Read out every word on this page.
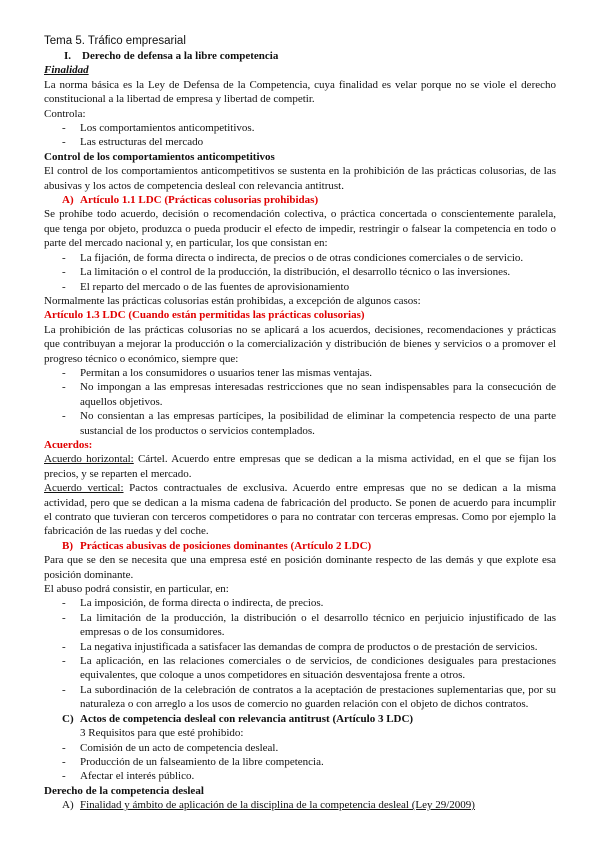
Tema 5. Tráfico empresarial

I. Derecho de defensa a la libre competencia

Finalidad

La norma básica es la Ley de Defensa de la Competencia, cuya finalidad es velar porque no se viole el derecho constitucional a la libertad de empresa y libertad de competir.

Controla:

- Los comportamientos anticompetitivos.

- Las estructuras del mercado

Control de los comportamientos anticompetitivos

El control de los comportamientos anticompetitivos se sustenta en la prohibición de las prácticas colusorias, de las abusivas y los actos de competencia desleal con relevancia antitrust.

A) Artículo 1.1 LDC (Prácticas colusorias prohibidas)

Se prohíbe todo acuerdo, decisión o recomendación colectiva, o práctica concertada o conscientemente paralela, que tenga por objeto, produzca o pueda producir el efecto de impedir, restringir o falsear la competencia en todo o parte del mercado nacional y, en particular, los que consistan en:

- La fijación, de forma directa o indirecta, de precios o de otras condiciones comerciales o de servicio.

- La limitación o el control de la producción, la distribución, el desarrollo técnico o las inversiones.

- El reparto del mercado o de las fuentes de aprovisionamiento

Normalmente las prácticas colusorias están prohibidas, a excepción de algunos casos:

Artículo 1.3 LDC (Cuando están permitidas las prácticas colusorias)

La prohibición de las prácticas colusorias no se aplicará a los acuerdos, decisiones, recomendaciones y prácticas que contribuyan a mejorar la producción o la comercialización y distribución de bienes y servicios o a promover el progreso técnico o económico, siempre que:

- Permitan a los consumidores o usuarios tener las mismas ventajas.

- No impongan a las empresas interesadas restricciones que no sean indispensables para la consecución de aquellos objetivos.

- No consientan a las empresas partícipes, la posibilidad de eliminar la competencia respecto de una parte sustancial de los productos o servicios contemplados.

Acuerdos:

Acuerdo horizontal: Cártel. Acuerdo entre empresas que se dedican a la misma actividad, en el que se fijan los precios, y se reparten el mercado.

Acuerdo vertical: Pactos contractuales de exclusiva. Acuerdo entre empresas que no se dedican a la misma actividad, pero que se dedican a la misma cadena de fabricación del producto. Se ponen de acuerdo para incumplir el contrato que tuvieran con terceros competidores o para no contratar con terceras empresas. Como por ejemplo la fabricación de las ruedas y del coche.

B) Prácticas abusivas de posiciones dominantes (Artículo 2 LDC)

Para que se den se necesita que una empresa esté en posición dominante respecto de las demás y que explote esa posición dominante.

El abuso podrá consistir, en particular, en:

- La imposición, de forma directa o indirecta, de precios.

- La limitación de la producción, la distribución o el desarrollo técnico en perjuicio injustificado de las empresas o de los consumidores.

- La negativa injustificada a satisfacer las demandas de compra de productos o de prestación de servicios.

- La aplicación, en las relaciones comerciales o de servicios, de condiciones desiguales para prestaciones equivalentes, que coloque a unos competidores en situación desventajosa frente a otros.

- La subordinación de la celebración de contratos a la aceptación de prestaciones suplementarias que, por su naturaleza o con arreglo a los usos de comercio no guarden relación con el objeto de dichos contratos.

C) Actos de competencia desleal con relevancia antitrust (Artículo 3 LDC)

3 Requisitos para que esté prohibido:

- Comisión de un acto de competencia desleal.

- Producción de un falseamiento de la libre competencia.

- Afectar el interés público.

Derecho de la competencia desleal

A) Finalidad y ámbito de aplicación de la disciplina de la competencia desleal (Ley 29/2009)
